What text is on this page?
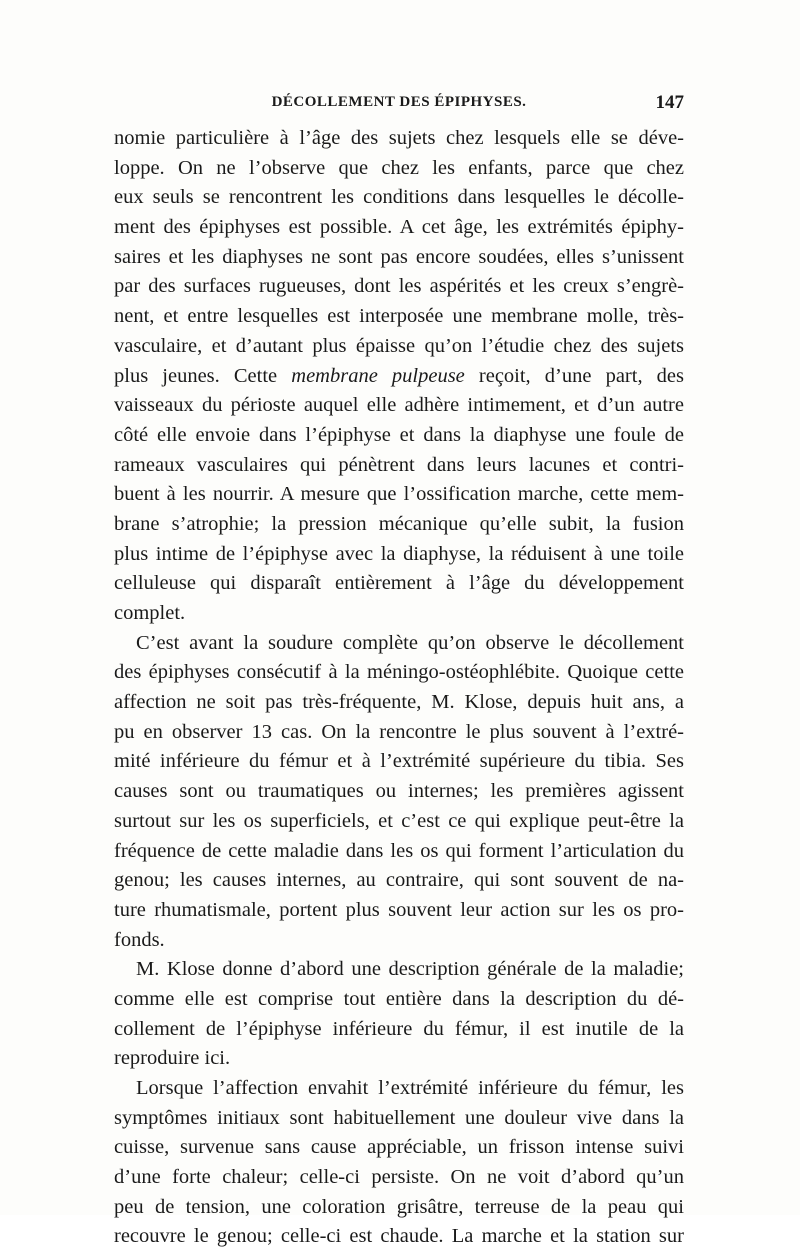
DÉCOLLEMENT DES ÉPIPHYSES.	147
nomie particulière à l’âge des sujets chez lesquels elle se déve-
loppe. On ne l’observe que chez les enfants, parce que chez
eux seuls se rencontrent les conditions dans lesquelles le décolle-
ment des épiphyses est possible. A cet âge, les extrémités épiphy-
saires et les diaphyses ne sont pas encore soudées, elles s’unissent
par des surfaces rugueuses, dont les aspérités et les creux s’engrè-
nent, et entre lesquelles est interposée une membrane molle, très-
vasculaire, et d’autant plus épaisse qu’on l’étudie chez des sujets
plus jeunes. Cette membrane pulpeuse reçoit, d’une part, des
vaisseaux du périoste auquel elle adhère intimement, et d’un autre
côté elle envoie dans l’épiphyse et dans la diaphyse une foule de
rameaux vasculaires qui pénètrent dans leurs lacunes et contri-
buent à les nourrir. A mesure que l’ossification marche, cette mem-
brane s’atrophie; la pression mécanique qu’elle subit, la fusion
plus intime de l’épiphyse avec la diaphyse, la réduisent à une toile
celluleuse qui disparaît entièrement à l’âge du développement
complet.
C’est avant la soudure complète qu’on observe le décollement
des épiphyses consécutif à la méningo-ostéophlébite. Quoique cette
affection ne soit pas très-fréquente, M. Klose, depuis huit ans, a
pu en observer 13 cas. On la rencontre le plus souvent à l’extré-
mité inférieure du fémur et à l’extrémité supérieure du tibia. Ses
causes sont ou traumatiques ou internes; les premières agissent
surtout sur les os superficiels, et c’est ce qui explique peut-être la
fréquence de cette maladie dans les os qui forment l’articulation du
genou; les causes internes, au contraire, qui sont souvent de na-
ture rhumatismale, portent plus souvent leur action sur les os pro-
fonds.
M. Klose donne d’abord une description générale de la maladie;
comme elle est comprise tout entière dans la description du dé-
collement de l’épiphyse inférieure du fémur, il est inutile de la
reproduire ici.
Lorsque l’affection envahit l’extrémité inférieure du fémur, les
symptômes initiaux sont habituellement une douleur vive dans la
cuisse, survenue sans cause appréciable, un frisson intense suivi
d’une forte chaleur; celle-ci persiste. On ne voit d’abord qu’un
peu de tension, une coloration grisâtre, terreuse de la peau qui
recouvre le genou; celle-ci est chaude. La marche et la station sur
